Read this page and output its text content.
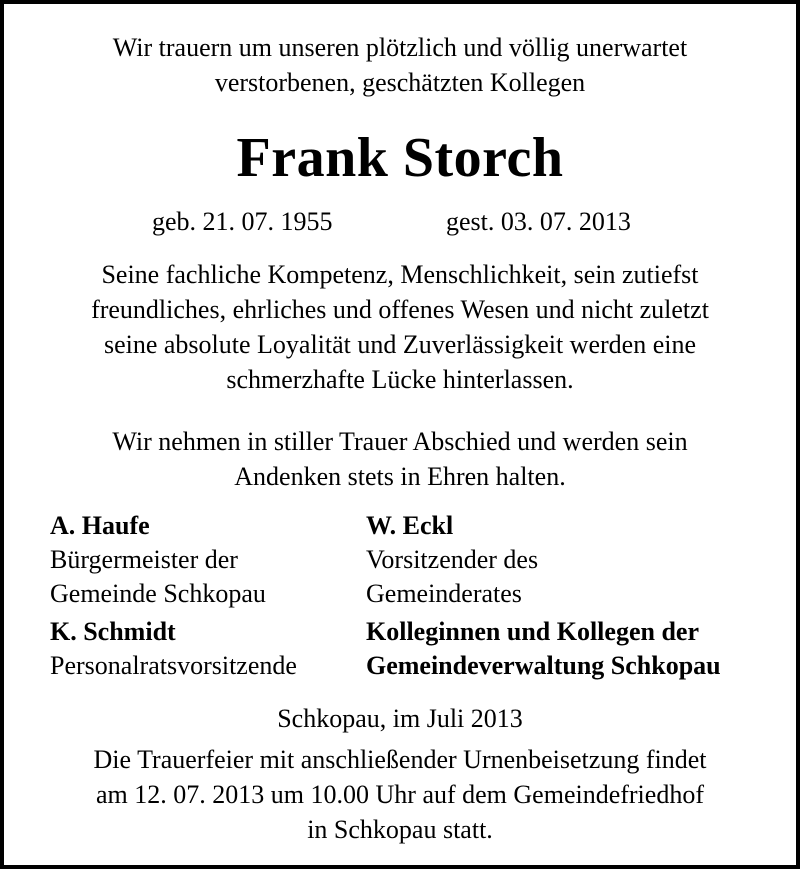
Wir trauern um unseren plötzlich und völlig unerwartet
verstorbenen, geschätzten Kollegen
Frank Storch
geb. 21. 07. 1955	gest. 03. 07. 2013
Seine fachliche Kompetenz, Menschlichkeit, sein zutiefst
freundliches, ehrliches und offenes Wesen und nicht zuletzt
seine absolute Loyalität und Zuverlässigkeit werden eine
schmerzhafte Lücke hinterlassen.
Wir nehmen in stiller Trauer Abschied und werden sein
Andenken stets in Ehren halten.
A. Haufe
Bürgermeister der
Gemeinde Schkopau
W. Eckl
Vorsitzender des
Gemeinderates
K. Schmidt
Personalratsvorsitzende
Kolleginnen und Kollegen der
Gemeindeverwaltung Schkopau
Schkopau, im Juli 2013
Die Trauerfeier mit anschließender Urnenbeisetzung findet
am 12. 07. 2013 um 10.00 Uhr auf dem Gemeindefriedhof
in Schkopau statt.
